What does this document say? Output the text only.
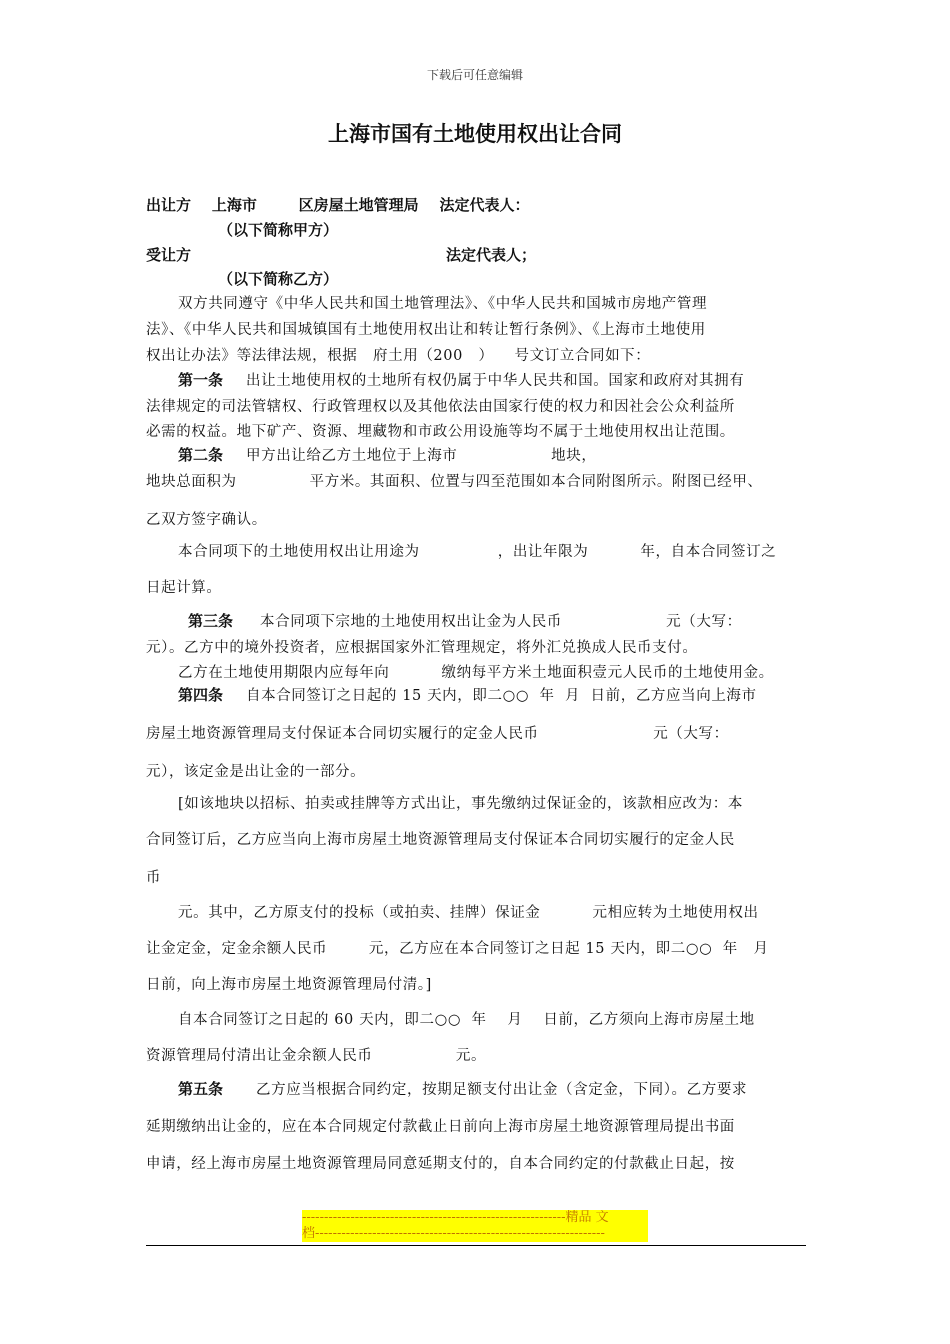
下载后可任意编辑
上海市国有土地使用权出让合同
出让方    上海市        区房屋土地管理局    法定代表人：
（以下简称甲方）
受让方	法定代表人；
（以下简称乙方）
双方共同遵守《中华人民共和国土地管理法》、《中华人民共和国城市房地产管理
法》、《中华人民共和国城镇国有土地使用权出让和转让暂行条例》、《上海市土地使用
权出让办法》等法律法规，根据   府土用（200   ）    号文订立合同如下：
第一条 出让土地使用权的土地所有权仍属于中华人民共和国。国家和政府对其拥有
法律规定的司法管辖权、行政管理权以及其他依法由国家行使的权力和因社会公众利益所
必需的权益。地下矿产、资源、埋藏物和市政公用设施等均不属于土地使用权出让范围。
第二条 甲方出让给乙方土地位于上海市                  地块，
地块总面积为              平方米。其面积、位置与四至范围如本合同附图所示。附图已经甲、
乙双方签字确认。
本合同项下的土地使用权出让用途为               ，出让年限为          年，自本合同签订之
日起计算。
第三条 本合同项下宗地的土地使用权出让金为人民币                    元（大写：
元）。乙方中的境外投资者，应根据国家外汇管理规定，将外汇兑换成人民币支付。
乙方在土地使用期限内应每年向          缴纳每平方米土地面积壹元人民币的土地使用金。
第四条 自本合同签订之日起的 15 天内，即二○○  年  月  日前，乙方应当向上海市
房屋土地资源管理局支付保证本合同切实履行的定金人民币                      元（大写：
元），该定金是出让金的一部分。
[如该地块以招标、拍卖或挂牌等方式出让，事先缴纳过保证金的，该款相应改为：本
合同签订后，乙方应当向上海市房屋土地资源管理局支付保证本合同切实履行的定金人民
币
元。其中，乙方原支付的投标（或拍卖、挂牌）保证金          元相应转为土地使用权出
让金定金，定金余额人民币        元，乙方应在本合同签订之日起 15 天内，即二○○  年   月
日前，向上海市房屋土地资源管理局付清。]
自本合同签订之日起的 60 天内，即二○○  年    月    日前，乙方须向上海市房屋土地
资源管理局付清出让金余额人民币                元。
第五条 乙方应当根据合同约定，按期足额支付出让金（含定金，下同）。乙方要求
延期缴纳出让金的，应在本合同规定付款截止日前向上海市房屋土地资源管理局提出书面
申请，经上海市房屋土地资源管理局同意延期支付的，自本合同约定的付款截止日起，按
------------------------------------------------------------精品 文
档------------------------------------------------------------------
